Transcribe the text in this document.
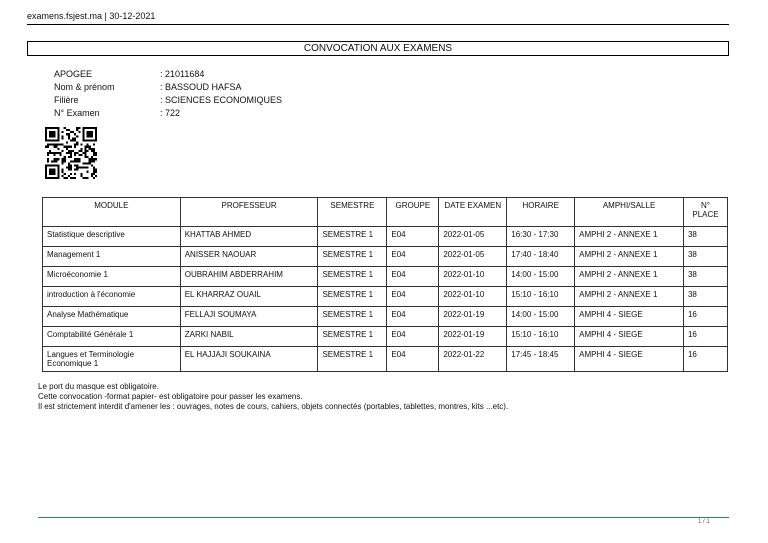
examens.fsjest.ma | 30-12-2021
CONVOCATION AUX EXAMENS
APOGEE	: 21011684
Nom & prénom	: BASSOUD HAFSA
Filière	: SCIENCES ECONOMIQUES
N° Examen	: 722
MODULE	PROFESSEUR	SEMESTRE	GROUPE	DATE EXAMEN	HORAIRE	AMPHI/SALLE	N° PLACE
Statistique descriptive	KHATTAB AHMED	SEMESTRE 1	E04	2022-01-05	16:30 - 17:30	AMPHI 2 - ANNEXE 1	38
Management 1	ANISSER NAOUAR	SEMESTRE 1	E04	2022-01-05	17:40 - 18:40	AMPHI 2 - ANNEXE 1	38
Microéconomie 1	OUBRAHIM ABDERRAHIM	SEMESTRE 1	E04	2022-01-10	14:00 - 15:00	AMPHI 2 - ANNEXE 1	38
introduction à l'économie	EL KHARRAZ OUAIL	SEMESTRE 1	E04	2022-01-10	15:10 - 16:10	AMPHI 2 - ANNEXE 1	38
Analyse Mathématique	FELLAJI SOUMAYA	SEMESTRE 1	E04	2022-01-19	14:00 - 15:00	AMPHI 4 - SIEGE	16
Comptabilité Générale 1	ZARKI NABIL	SEMESTRE 1	E04	2022-01-19	15:10 - 16:10	AMPHI 4 - SIEGE	16
Langues et Terminologie Economique 1	EL HAJJAJI SOUKAINA	SEMESTRE 1	E04	2022-01-22	17:45 - 18:45	AMPHI 4 - SIEGE	16
Le port du masque est obligatoire.
Cette convocation -format papier- est obligatoire pour passer les examens.
Il est strictement interdit d'amener les : ouvrages, notes de cours, cahiers, objets connectés (portables, tablettes, montres, kits ...etc).
1 / 1
